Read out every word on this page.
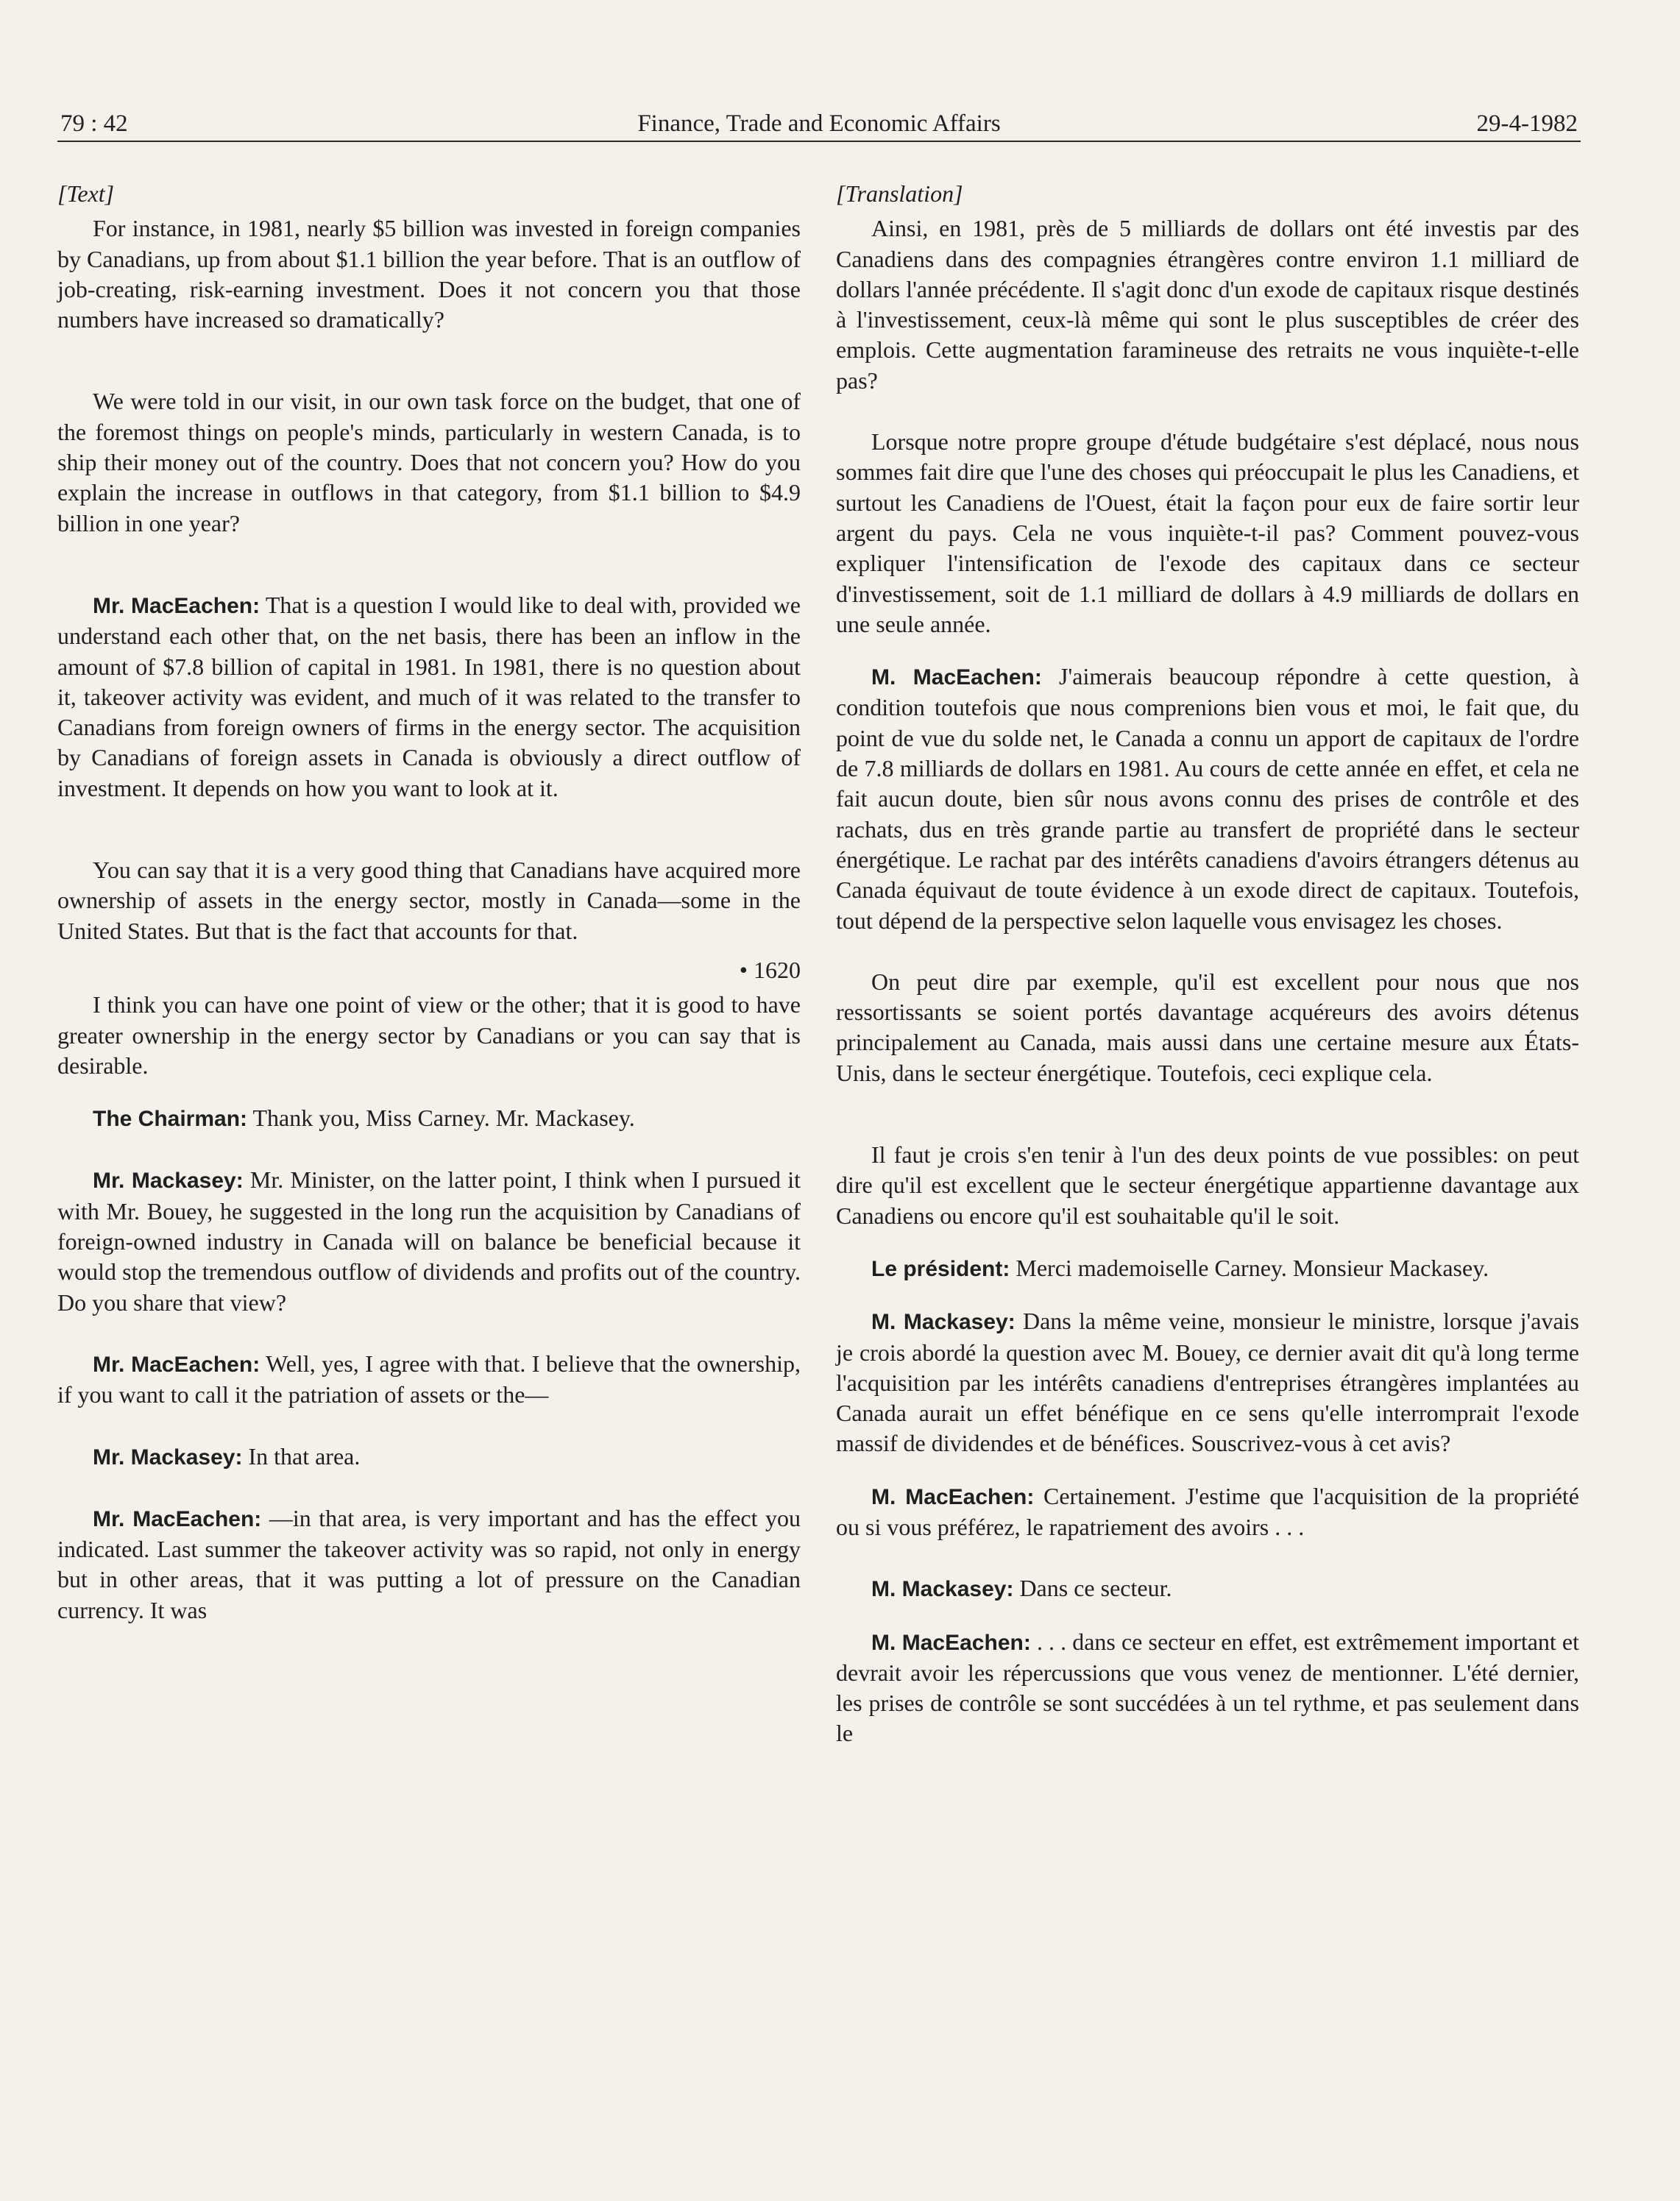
79 : 42	Finance, Trade and Economic Affairs	29-4-1982

[Text]

For instance, in 1981, nearly $5 billion was invested in foreign companies by Canadians, up from about $1.1 billion the year before. That is an outflow of job-creating, risk-earning investment. Does it not concern you that those numbers have increased so dramatically?

We were told in our visit, in our own task force on the budget, that one of the foremost things on people's minds, particularly in western Canada, is to ship their money out of the country. Does that not concern you? How do you explain the increase in outflows in that category, from $1.1 billion to $4.9 billion in one year?

Mr. MacEachen: That is a question I would like to deal with, provided we understand each other that, on the net basis, there has been an inflow in the amount of $7.8 billion of capital in 1981. In 1981, there is no question about it, takeover activity was evident, and much of it was related to the transfer to Canadians from foreign owners of firms in the energy sector. The acquisition by Canadians of foreign assets in Canada is obviously a direct outflow of investment. It depends on how you want to look at it.

You can say that it is a very good thing that Canadians have acquired more ownership of assets in the energy sector, mostly in Canada—some in the United States. But that is the fact that accounts for that.

• 1620

I think you can have one point of view or the other; that it is good to have greater ownership in the energy sector by Canadians or you can say that is desirable.

The Chairman: Thank you, Miss Carney. Mr. Mackasey.

Mr. Mackasey: Mr. Minister, on the latter point, I think when I pursued it with Mr. Bouey, he suggested in the long run the acquisition by Canadians of foreign-owned industry in Canada will on balance be beneficial because it would stop the tremendous outflow of dividends and profits out of the country. Do you share that view?

Mr. MacEachen: Well, yes, I agree with that. I believe that the ownership, if you want to call it the patriation of assets or the—

Mr. Mackasey: In that area.

Mr. MacEachen: —in that area, is very important and has the effect you indicated. Last summer the takeover activity was so rapid, not only in energy but in other areas, that it was putting a lot of pressure on the Canadian currency. It was

[Translation]

Ainsi, en 1981, près de 5 milliards de dollars ont été investis par des Canadiens dans des compagnies étrangères contre environ 1.1 milliard de dollars l'année précédente. Il s'agit donc d'un exode de capitaux risque destinés à l'investissement, ceux-là même qui sont le plus susceptibles de créer des emplois. Cette augmentation faramineuse des retraits ne vous inquiète-t-elle pas?

Lorsque notre propre groupe d'étude budgétaire s'est déplacé, nous nous sommes fait dire que l'une des choses qui préoccupait le plus les Canadiens, et surtout les Canadiens de l'Ouest, était la façon pour eux de faire sortir leur argent du pays. Cela ne vous inquiète-t-il pas? Comment pouvez-vous expliquer l'intensification de l'exode des capitaux dans ce secteur d'investissement, soit de 1.1 milliard de dollars à 4.9 milliards de dollars en une seule année.

M. MacEachen: J'aimerais beaucoup répondre à cette question, à condition toutefois que nous comprenions bien vous et moi, le fait que, du point de vue du solde net, le Canada a connu un apport de capitaux de l'ordre de 7.8 milliards de dollars en 1981. Au cours de cette année en effet, et cela ne fait aucun doute, bien sûr nous avons connu des prises de contrôle et des rachats, dus en très grande partie au transfert de propriété dans le secteur énergétique. Le rachat par des intérêts canadiens d'avoirs étrangers détenus au Canada équivaut de toute évidence à un exode direct de capitaux. Toutefois, tout dépend de la perspective selon laquelle vous envisagez les choses.

On peut dire par exemple, qu'il est excellent pour nous que nos ressortissants se soient portés davantage acquéreurs des avoirs détenus principalement au Canada, mais aussi dans une certaine mesure aux États-Unis, dans le secteur énergétique. Toutefois, ceci explique cela.

Il faut je crois s'en tenir à l'un des deux points de vue possibles: on peut dire qu'il est excellent que le secteur énergétique appartienne davantage aux Canadiens ou encore qu'il est souhaitable qu'il le soit.

Le président: Merci mademoiselle Carney. Monsieur Mackasey.

M. Mackasey: Dans la même veine, monsieur le ministre, lorsque j'avais je crois abordé la question avec M. Bouey, ce dernier avait dit qu'à long terme l'acquisition par les intérêts canadiens d'entreprises étrangères implantées au Canada aurait un effet bénéfique en ce sens qu'elle interromprait l'exode massif de dividendes et de bénéfices. Souscrivez-vous à cet avis?

M. MacEachen: Certainement. J'estime que l'acquisition de la propriété ou si vous préférez, le rapatriement des avoirs . . .

M. Mackasey: Dans ce secteur.

M. MacEachen: . . . dans ce secteur en effet, est extrêmement important et devrait avoir les répercussions que vous venez de mentionner. L'été dernier, les prises de contrôle se sont succédées à un tel rythme, et pas seulement dans le
